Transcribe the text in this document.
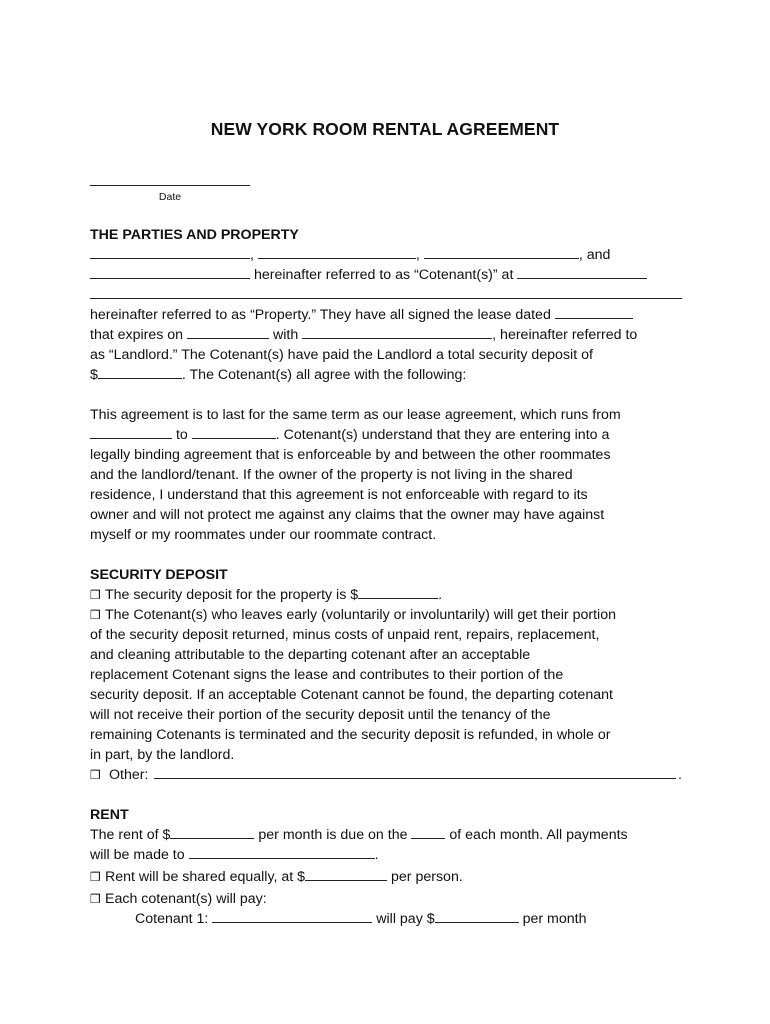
NEW YORK ROOM RENTAL AGREEMENT
Date
THE PARTIES AND PROPERTY
,	,	, and
hereinafter referred to as “Cotenant(s)” at
hereinafter referred to as “Property.” They have all signed the lease dated
that expires on	with	, hereinafter referred to
as “Landlord.” The Cotenant(s) have paid the Landlord a total security deposit of
$	. The Cotenant(s) all agree with the following:
This agreement is to last for the same term as our lease agreement, which runs from
to	. Cotenant(s) understand that they are entering into a
legally binding agreement that is enforceable by and between the other roommates
and the landlord/tenant. If the owner of the property is not living in the shared
residence, I understand that this agreement is not enforceable with regard to its
owner and will not protect me against any claims that the owner may have against
myself or my roommates under our roommate contract.
SECURITY DEPOSIT
❒ The security deposit for the property is $	.
❒ The Cotenant(s) who leaves early (voluntarily or involuntarily) will get their portion
of the security deposit returned, minus costs of unpaid rent, repairs, replacement,
and cleaning attributable to the departing cotenant after an acceptable
replacement Cotenant signs the lease and contributes to their portion of the
security deposit. If an acceptable Cotenant cannot be found, the departing cotenant
will not receive their portion of the security deposit until the tenancy of the
remaining Cotenants is terminated and the security deposit is refunded, in whole or
in part, by the landlord.
❒ Other:	.
RENT
The rent of $	per month is due on the	of each month. All payments
will be made to	.
❒ Rent will be shared equally, at $	per person.
❒ Each cotenant(s) will pay:
Cotenant 1:	will pay $	per month
